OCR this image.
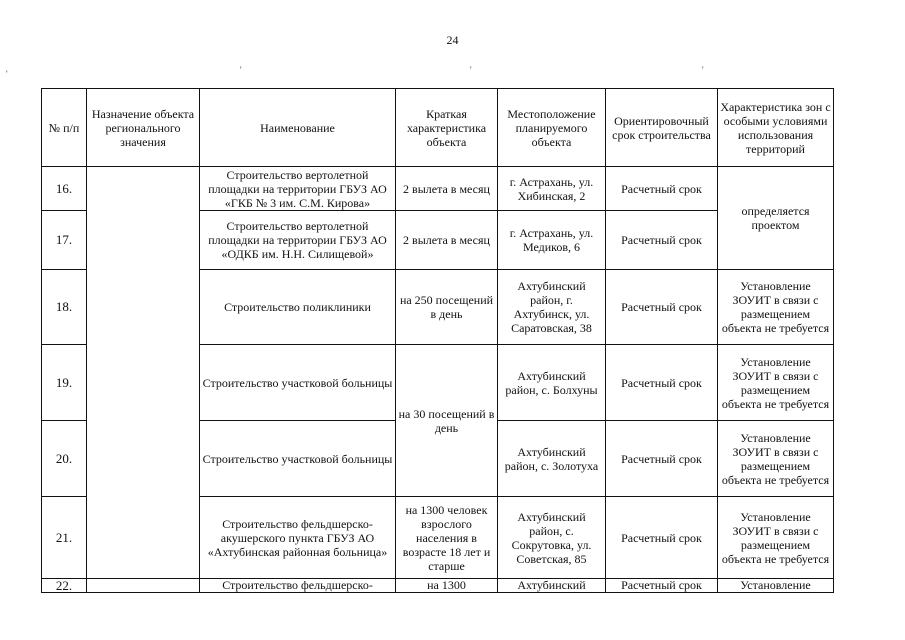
24
'	'	'	'
№ п/п	Назначение объекта регионального значения	Наименование	Краткая характеристика объекта	Местоположение планируемого объекта	Ориентировочный срок строительства	Характеристика зон с особыми условиями использования территорий
16.		Строительство вертолетной площадки на территории ГБУЗ АО «ГКБ № 3 им. С.М. Кирова»	2 вылета в месяц	г. Астрахань, ул. Хибинская, 2	Расчетный срок	определяется проектом
17.		Строительство вертолетной площадки на территории ГБУЗ АО «ОДКБ им. Н.Н. Силищевой»	2 вылета в месяц	г. Астрахань, ул. Медиков, 6	Расчетный срок	
18.		Строительство поликлиники	на 250 посещений в день	Ахтубинский район, г. Ахтубинск, ул. Саратовская, 38	Расчетный срок	Установление ЗОУИТ в связи с размещением объекта не требуется
19.		Строительство участковой больницы	на 30 посещений в день	Ахтубинский район, с. Болхуны	Расчетный срок	Установление ЗОУИТ в связи с размещением объекта не требуется
20.		Строительство участковой больницы		Ахтубинский район, с. Золотуха	Расчетный срок	Установление ЗОУИТ в связи с размещением объекта не требуется
21.		Строительство фельдшерско-акушерского пункта ГБУЗ АО «Ахтубинская районная больница»	на 1300 человек взрослого населения в возрасте 18 лет и старше	Ахтубинский район, с. Сокрутовка, ул. Советская, 85	Расчетный срок	Установление ЗОУИТ в связи с размещением объекта не требуется
22.		Строительство фельдшерско-	на 1300	Ахтубинский	Расчетный срок	Установление
